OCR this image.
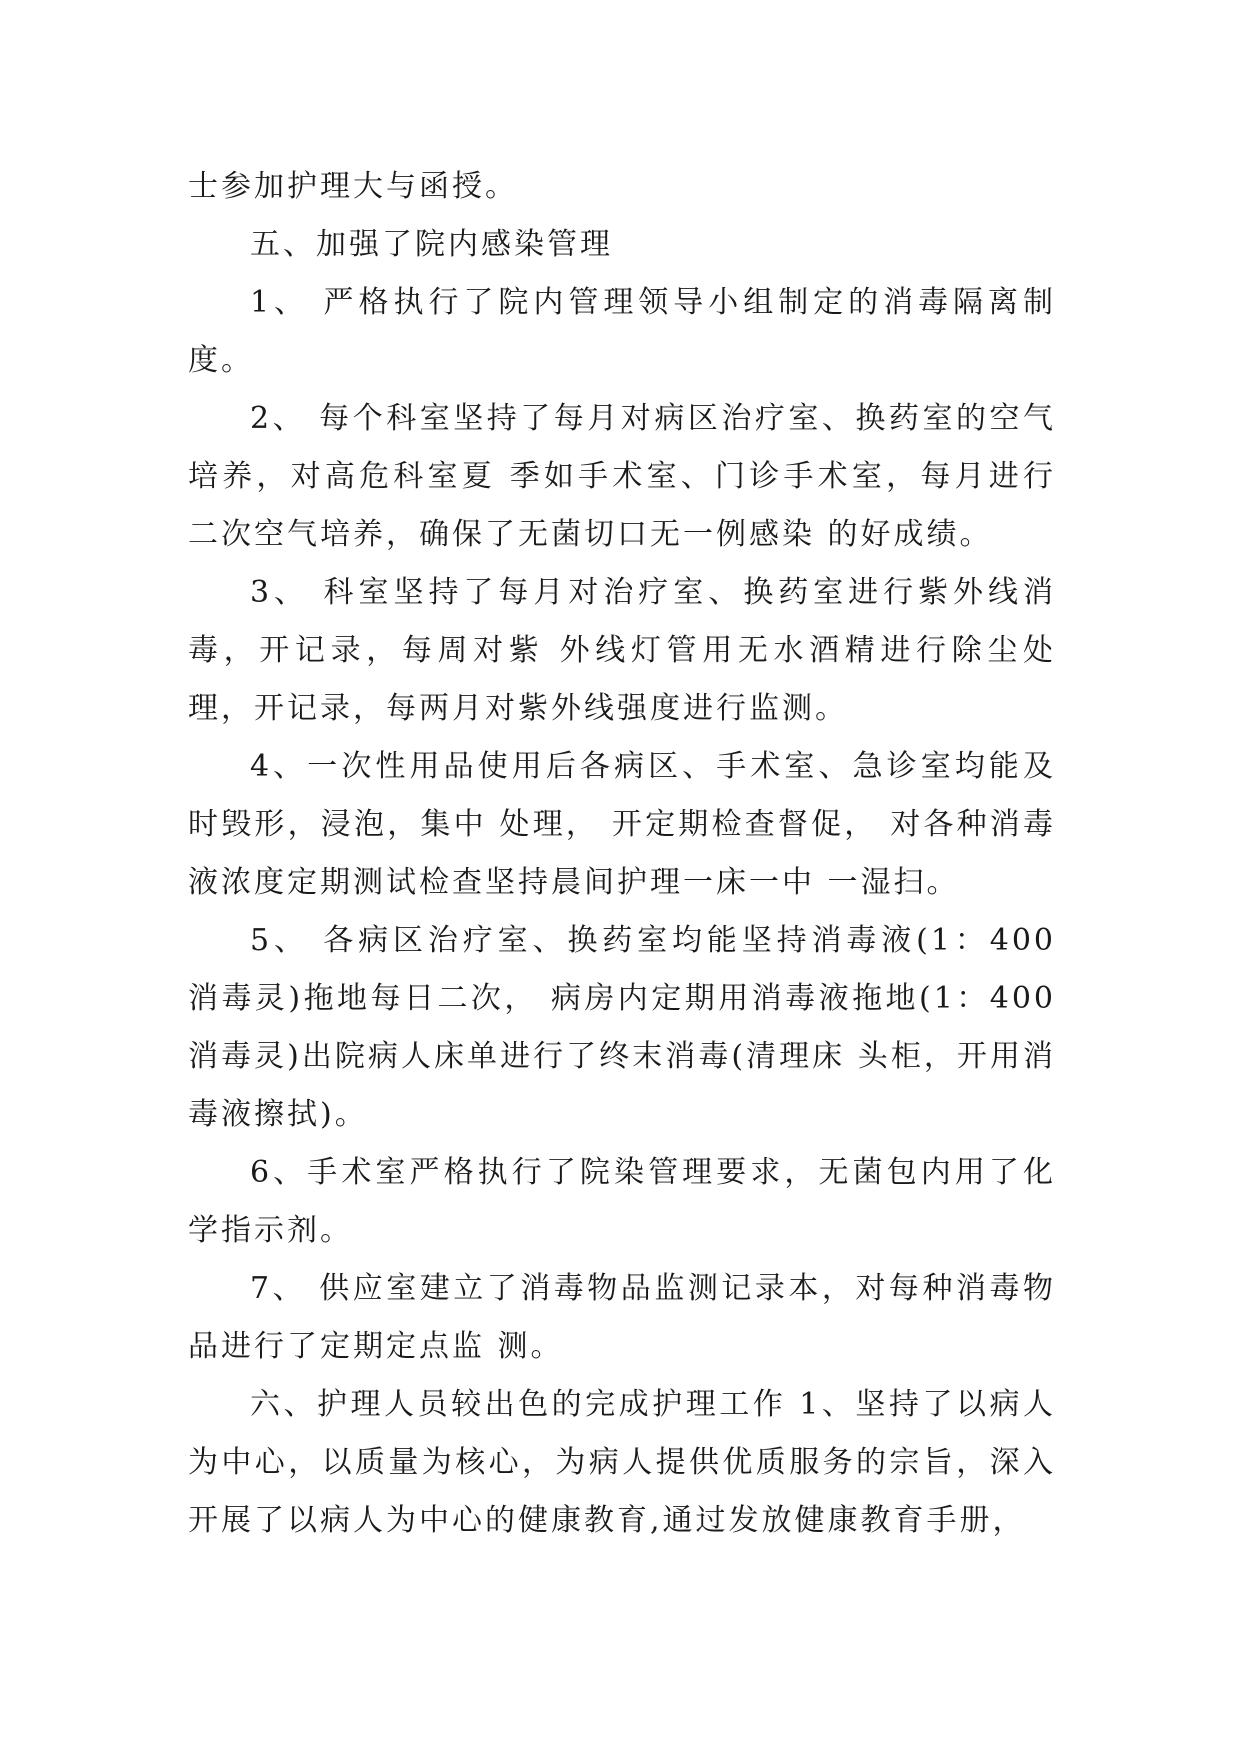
士参加护理大与函授。

五、加强了院内感染管理

1、 严格执行了院内管理领导小组制定的消毒隔离制度。

2、 每个科室坚持了每月对病区治疗室、换药室的空气培养，对高危科室夏 季如手术室、门诊手术室，每月进行二次空气培养，确保了无菌切口无一例感染 的好成绩。

3、 科室坚持了每月对治疗室、换药室进行紫外线消毒，开记录，每周对紫 外线灯管用无水酒精进行除尘处理，开记录，每两月对紫外线强度进行监测。

4、一次性用品使用后各病区、手术室、急诊室均能及时毁形，浸泡，集中 处理， 开定期检查督促， 对各种消毒液浓度定期测试检查坚持晨间护理一床一中 一湿扫。

5、 各病区治疗室、换药室均能坚持消毒液(1：400 消毒灵)拖地每日二次， 病房内定期用消毒液拖地(1：400 消毒灵)出院病人床单进行了终末消毒(清理床 头柜，开用消毒液擦拭)。

6、手术室严格执行了院染管理要求，无菌包内用了化学指示剂。

7、 供应室建立了消毒物品监测记录本，对每种消毒物品进行了定期定点监 测。

六、护理人员较出色的完成护理工作 1、坚持了以病人为中心，以质量为核心，为病人提供优质服务的宗旨，深入开展了以病人为中心的健康教育,通过发放健康教育手册，
